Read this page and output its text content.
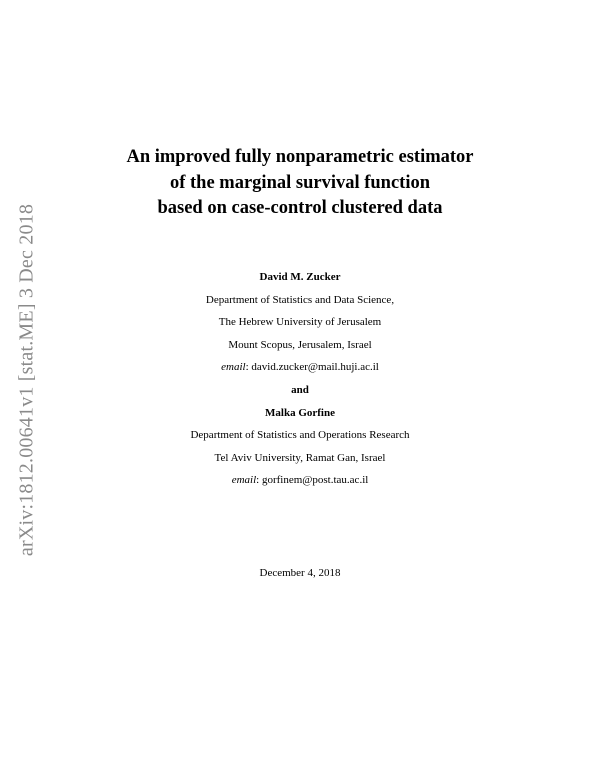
arXiv:1812.00641v1 [stat.ME] 3 Dec 2018
An improved fully nonparametric estimator
of the marginal survival function
based on case-control clustered data
David M. Zucker
Department of Statistics and Data Science,
The Hebrew University of Jerusalem
Mount Scopus, Jerusalem, Israel
email: david.zucker@mail.huji.ac.il
and
Malka Gorfine
Department of Statistics and Operations Research
Tel Aviv University, Ramat Gan, Israel
email: gorfinem@post.tau.ac.il
December 4, 2018
